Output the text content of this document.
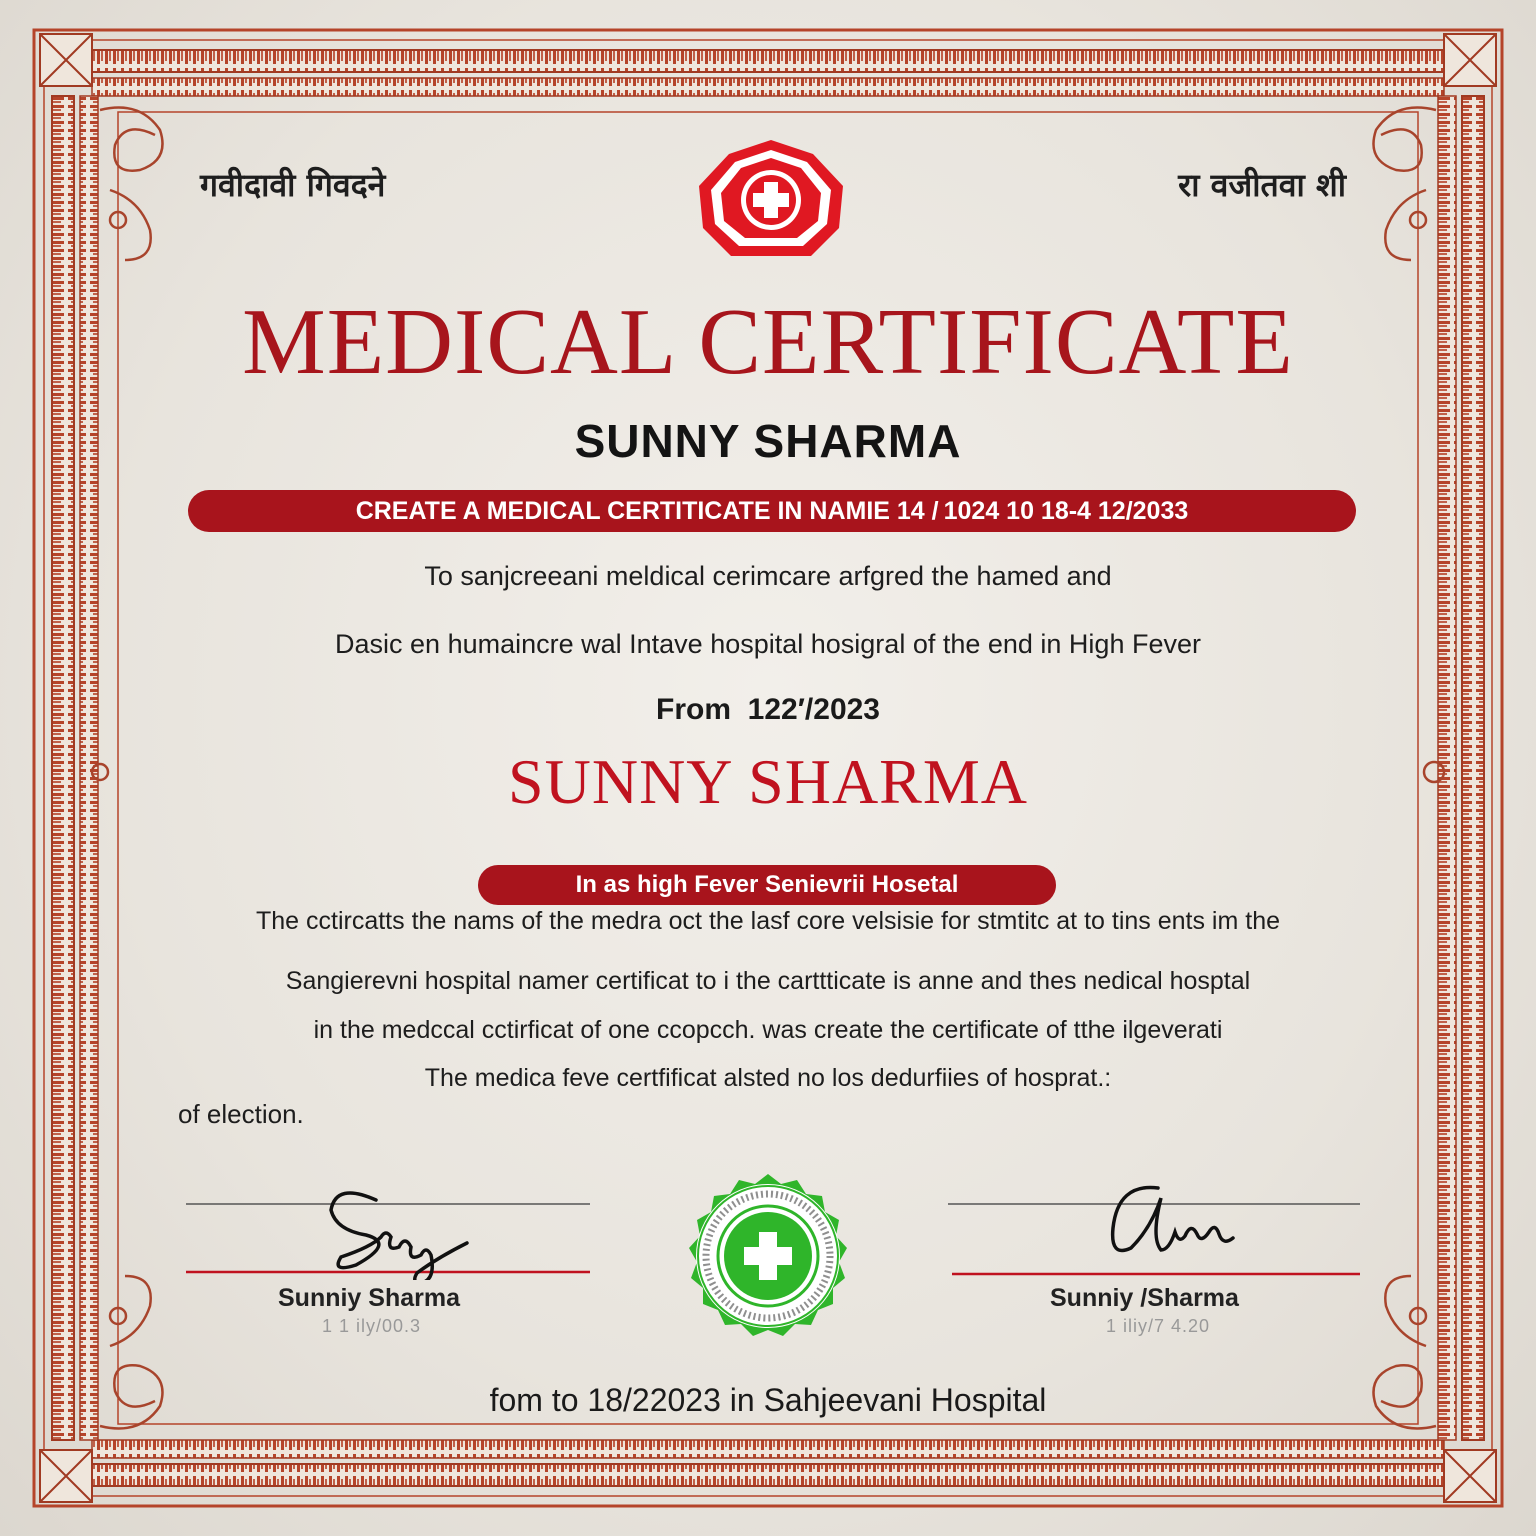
गवीदावी गिवदने	रा वजीतवा शी
MEDICAL CERTIFICATE
SUNNY SHARMA
CREATE A MEDICAL CERTITICATE IN NAMIE 14 / 1024 10 18-4 12/2033
To sanjcreeani meldical cerimcare arfgred the hamed and
Dasic en humaincre wal Intave hospital hosigral of the end in High Fever
From 122′/2023
SUNNY SHARMA
In as high Fever Senievrii Hosetal
The cctircatts the nams of the medra oct the lasf core velsisie for stmtitc at to tins ents im the
Sangierevni hospital namer certificat to i the carttticate is anne and thes nedical hosptal
in the medccal cctirficat of one ccopcch. was create the certificate of tthe ilgeverati
The medica feve certfificat alsted no los dedurfiies of hosprat.:
of election.
Sunniy Sharma
1 1 ily/00.3
Sunniy /Sharma
1 iliy/7 4.20
fom to 18/22023 in Sahjeevani Hospital
